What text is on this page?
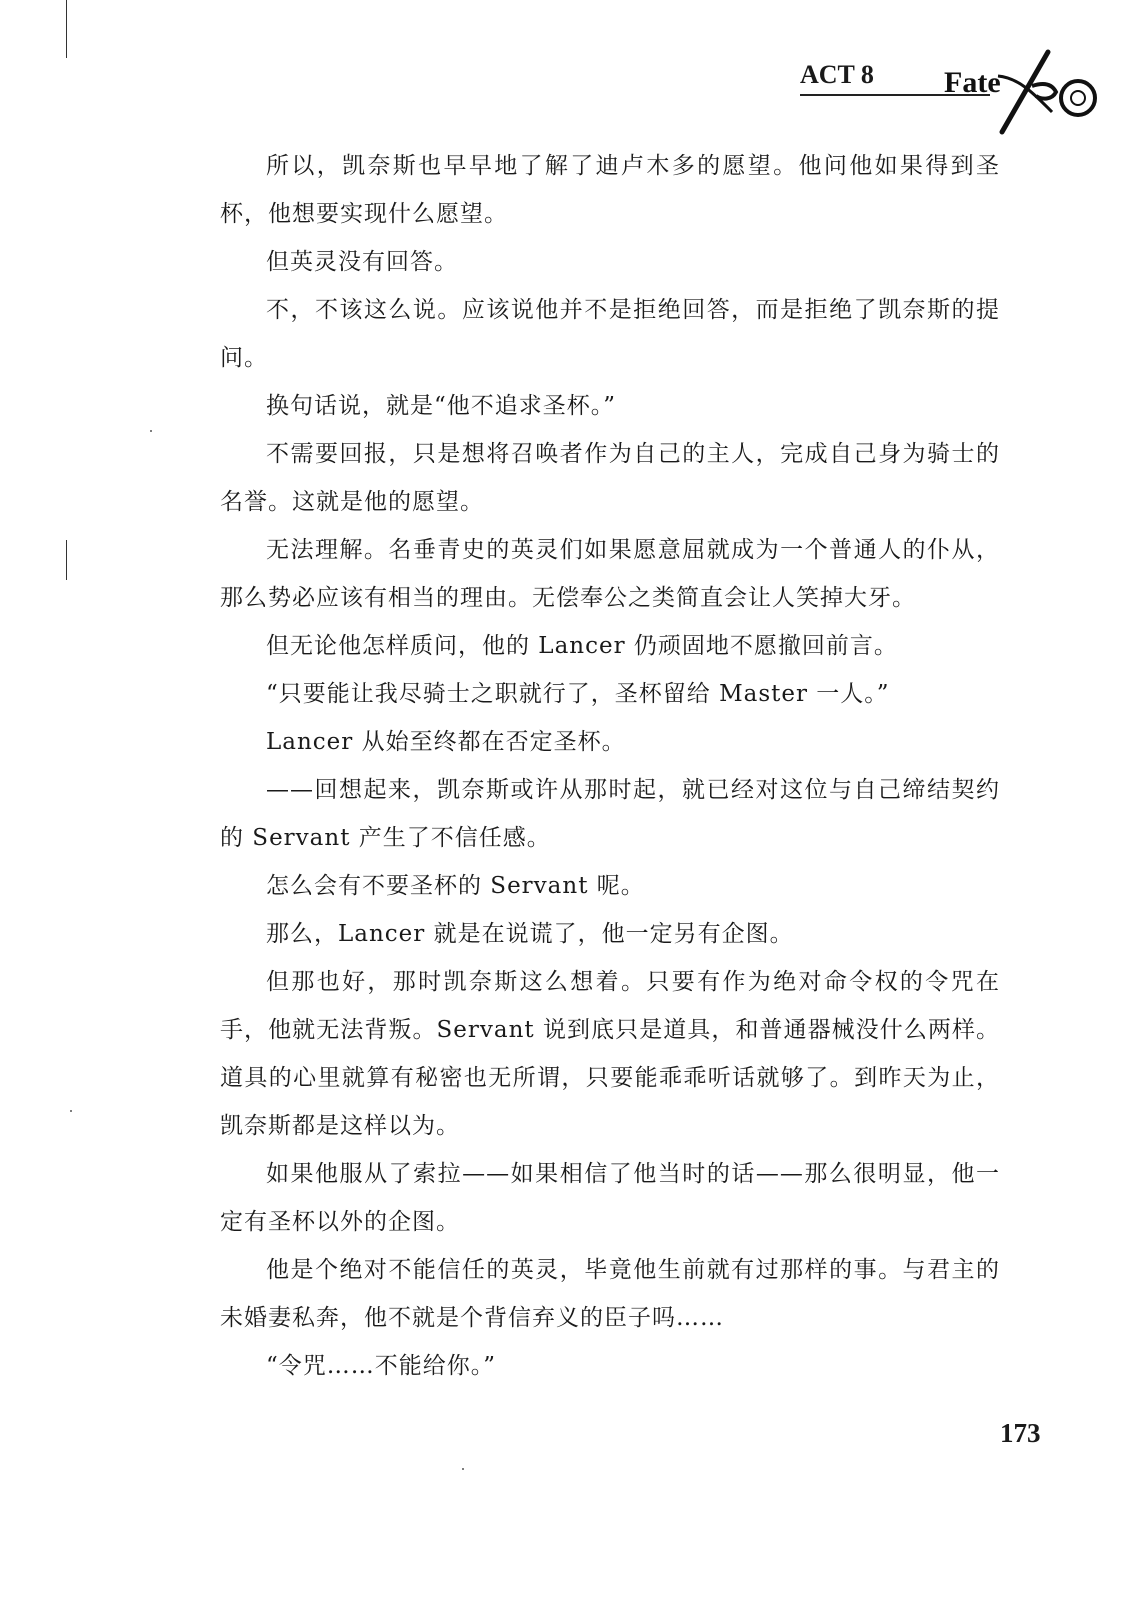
ACT 8 Fate

所以，凯奈斯也早早地了解了迪卢木多的愿望。他问他如果得到圣杯，他想要实现什么愿望。

但英灵没有回答。

不，不该这么说。应该说他并不是拒绝回答，而是拒绝了凯奈斯的提问。

换句话说，就是“他不追求圣杯。”

不需要回报，只是想将召唤者作为自己的主人，完成自己身为骑士的名誉。这就是他的愿望。

无法理解。名垂青史的英灵们如果愿意屈就成为一个普通人的仆从，那么势必应该有相当的理由。无偿奉公之类简直会让人笑掉大牙。

但无论他怎样质问，他的 Lancer 仍顽固地不愿撤回前言。

“只要能让我尽骑士之职就行了，圣杯留给 Master 一人。”

Lancer 从始至终都在否定圣杯。

——回想起来，凯奈斯或许从那时起，就已经对这位与自己缔结契约的 Servant 产生了不信任感。

怎么会有不要圣杯的 Servant 呢。

那么，Lancer 就是在说谎了，他一定另有企图。

但那也好，那时凯奈斯这么想着。只要有作为绝对命令权的令咒在手，他就无法背叛。Servant 说到底只是道具，和普通器械没什么两样。道具的心里就算有秘密也无所谓，只要能乖乖听话就够了。到昨天为止，凯奈斯都是这样以为。

如果他服从了索拉——如果相信了他当时的话——那么很明显，他一定有圣杯以外的企图。

他是个绝对不能信任的英灵，毕竟他生前就有过那样的事。与君主的未婚妻私奔，他不就是个背信弃义的臣子吗……

“令咒……不能给你。”

173
